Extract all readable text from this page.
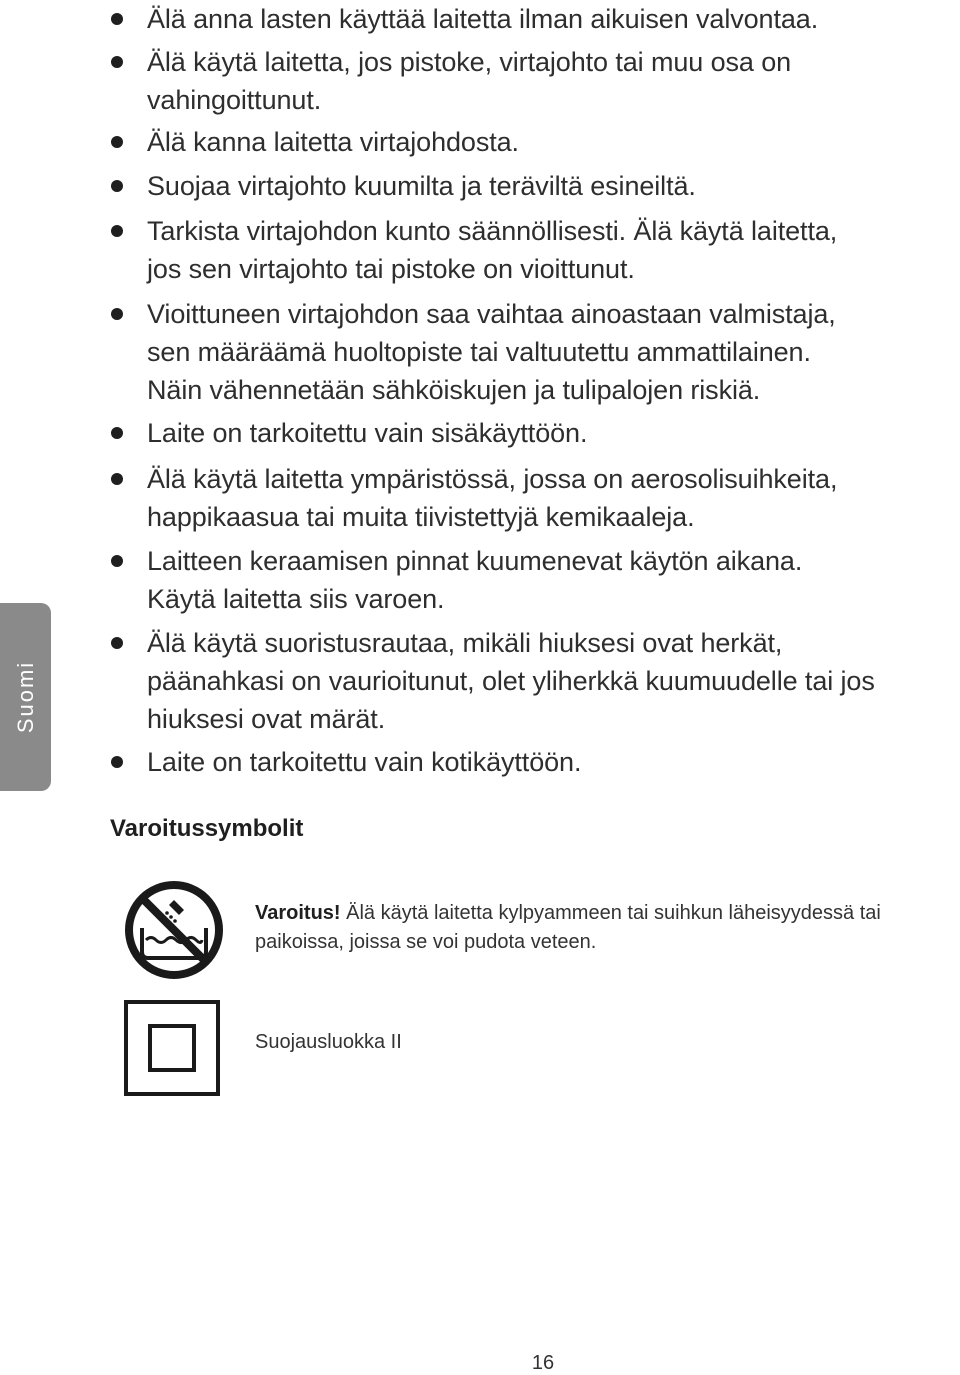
Suomi
Älä anna lasten käyttää laitetta ilman aikuisen valvontaa.
Älä käytä laitetta, jos pistoke, virtajohto tai muu osa on
vahingoittunut.
Älä kanna laitetta virtajohdosta.
Suojaa virtajohto kuumilta ja teräviltä esineiltä.
Tarkista virtajohdon kunto säännöllisesti. Älä käytä laitetta,
jos sen virtajohto tai pistoke on vioittunut.
Vioittuneen virtajohdon saa vaihtaa ainoastaan valmistaja,
sen määräämä huoltopiste tai valtuutettu ammattilainen.
Näin vähennetään sähköiskujen ja tulipalojen riskiä.
Laite on tarkoitettu vain sisäkäyttöön.
Älä käytä laitetta ympäristössä, jossa on aerosolisuihkeita,
happikaasua tai muita tiivistettyjä kemikaaleja.
Laitteen keraamisen pinnat kuumenevat käytön aikana.
Käytä laitetta siis varoen.
Älä käytä suoristusrautaa, mikäli hiuksesi ovat herkät,
päänahkasi on vaurioitunut, olet yliherkkä kuumuudelle tai jos
hiuksesi ovat märät.
Laite on tarkoitettu vain kotikäyttöön.
Varoitussymbolit
Varoitus! Älä käytä laitetta kylpyammeen tai suihkun läheisyydessä tai
paikoissa, joissa se voi pudota veteen.
Suojausluokka II
16
